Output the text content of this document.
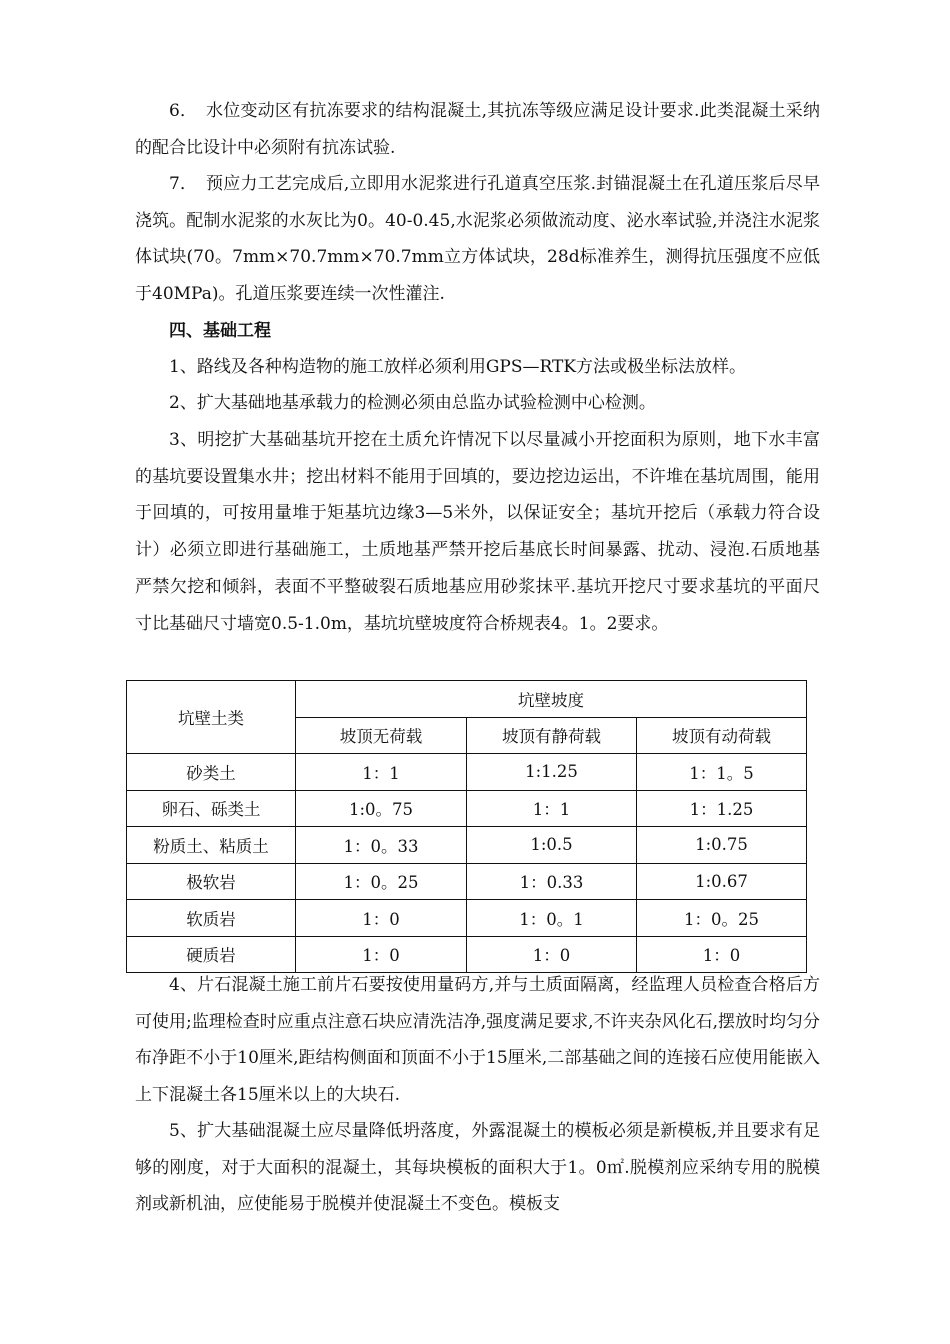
6．　水位变动区有抗冻要求的结构混凝土,其抗冻等级应满足设计要求.此类混凝土采纳的配合比设计中必须附有抗冻试验.

7．　预应力工艺完成后,立即用水泥浆进行孔道真空压浆.封锚混凝土在孔道压浆后尽早浇筑。配制水泥浆的水灰比为0。40-0.45,水泥浆必须做流动度、泌水率试验,并浇注水泥浆体试块(70。7mm×70.7mm×70.7mm立方体试块，28d标准养生，测得抗压强度不应低于40MPa)。孔道压浆要连续一次性灌注.

四、基础工程

1、路线及各种构造物的施工放样必须利用GPS—RTK方法或极坐标法放样。

2、扩大基础地基承载力的检测必须由总监办试验检测中心检测。

3、明挖扩大基础基坑开挖在土质允许情况下以尽量减小开挖面积为原则，地下水丰富的基坑要设置集水井；挖出材料不能用于回填的，要边挖边运出，不许堆在基坑周围，能用于回填的，可按用量堆于矩基坑边缘3—5米外，以保证安全；基坑开挖后（承载力符合设计）必须立即进行基础施工，土质地基严禁开挖后基底长时间暴露、扰动、浸泡.石质地基严禁欠挖和倾斜，表面不平整破裂石质地基应用砂浆抹平.基坑开挖尺寸要求基坑的平面尺寸比基础尺寸墙宽0.5-1.0m，基坑坑壁坡度符合桥规表4。1。2要求。

坑壁土类	坑壁坡度		
	坡顶无荷载	坡顶有静荷载	坡顶有动荷载
砂类土	1：1	1:1.25	1：1。5
卵石、砾类土	1:0。75	1：1	1：1.25
粉质土、粘质土	1：0。33	1:0.5	1:0.75
极软岩	1：0。25	1：0.33	1:0.67
软质岩	1：0	1：0。1	1：0。25
硬质岩	1：0	1：0	1：0

4、片石混凝土施工前片石要按使用量码方,并与土质面隔离，经监理人员检查合格后方可使用;监理检查时应重点注意石块应清洗洁净,强度满足要求,不许夹杂风化石,摆放时均匀分布净距不小于10厘米,距结构侧面和顶面不小于15厘米,二部基础之间的连接石应使用能嵌入上下混凝土各15厘米以上的大块石.

5、扩大基础混凝土应尽量降低坍落度，外露混凝土的模板必须是新模板,并且要求有足够的刚度，对于大面积的混凝土，其每块模板的面积大于1。0㎡.脱模剂应采纳专用的脱模剂或新机油，应使能易于脱模并使混凝土不变色。模板支
